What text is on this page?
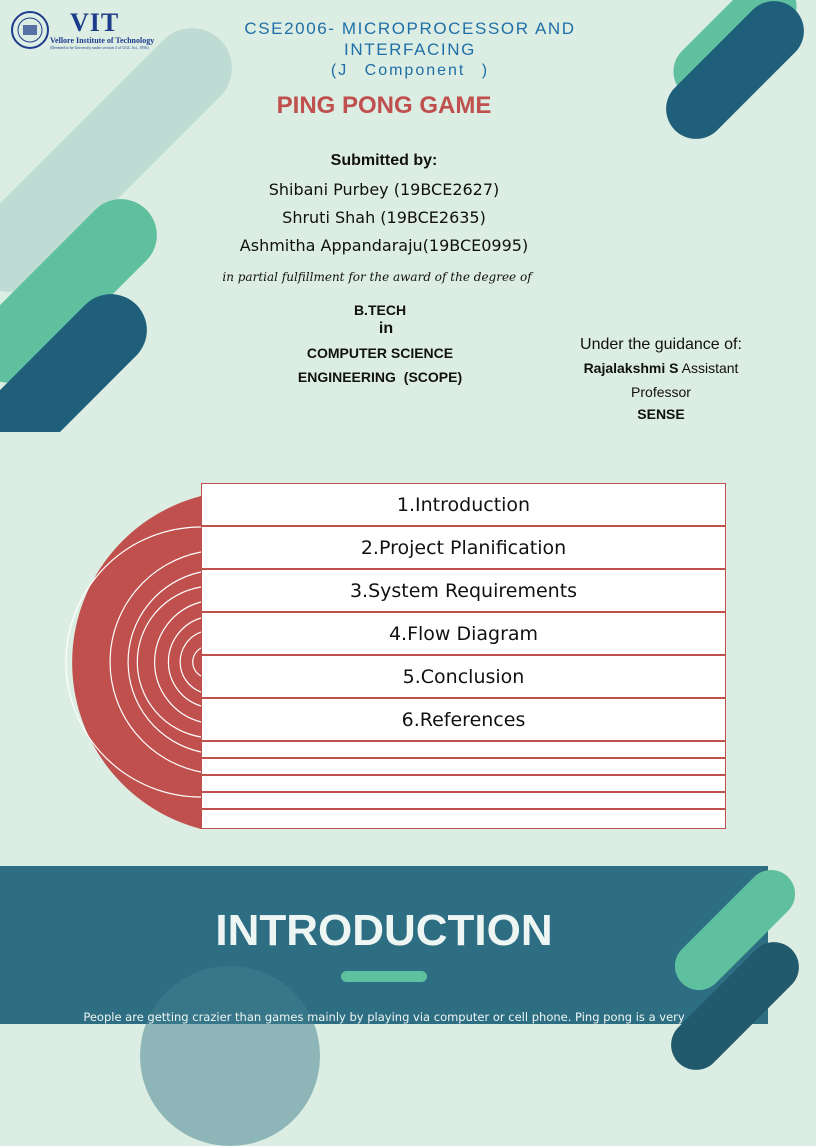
VIT
Vellore Institute of Technology
(Deemed to be University under section 3 of UGC Act, 1956)
CSE2006- MICROPROCESSOR AND INTERFACING
(J Component )
PING PONG GAME
Submitted by:
Shibani Purbey (19BCE2627)
Shruti Shah (19BCE2635)
Ashmitha Appandaraju(19BCE0995)
in partial fulfillment for the award of the degree of
B.TECH
in
COMPUTER SCIENCE
ENGINEERING (SCOPE)
Under the guidance of:
Rajalakshmi S Assistant
Professor
SENSE
1.Introduction
2.Project Planification
3.System Requirements
4.Flow Diagram
5.Conclusion
6.References
INTRODUCTION
People are getting crazier than games mainly by playing via computer or cell phone. Ping pong is a very
